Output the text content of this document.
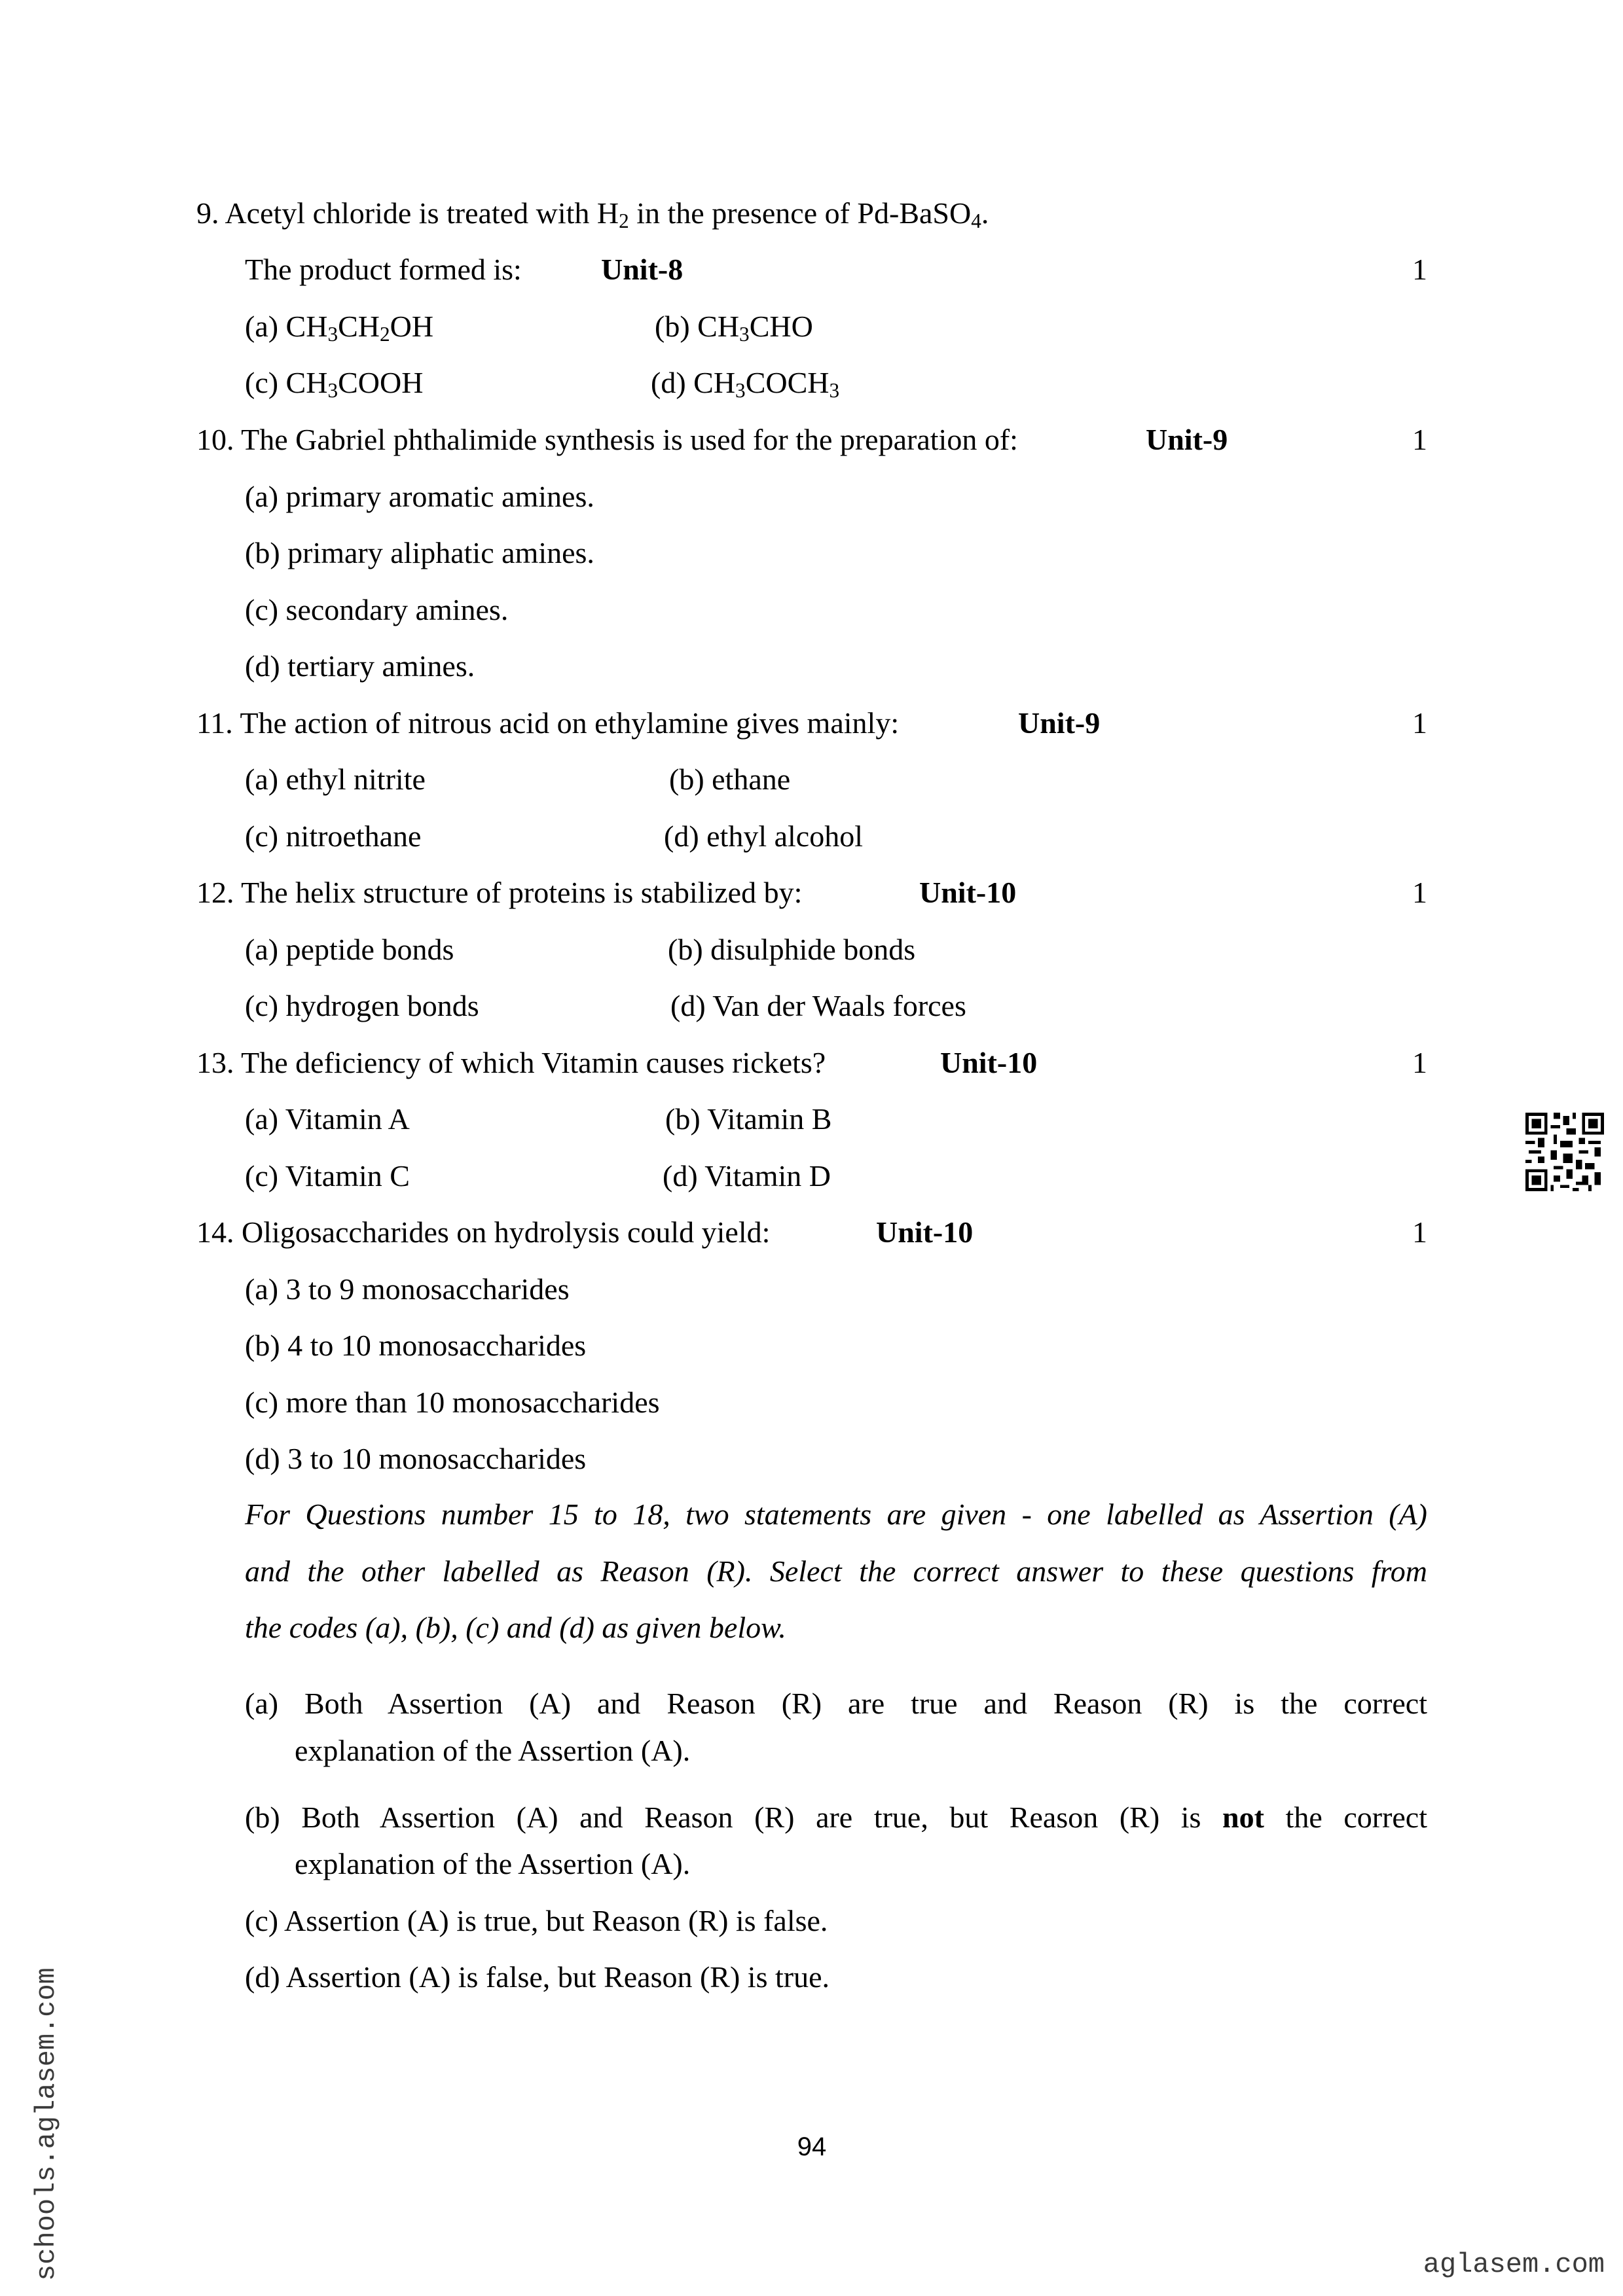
9. Acetyl chloride is treated with $H_2$ in the presence of Pd-BaSO$_4$.
The product formed is:	Unit-8	1
(a) $CH_3CH_2OH$	(b) $CH_3CHO$
(c) $CH_3COOH$	(d) $CH_3COCH_3$
10. The Gabriel phthalimide synthesis is used for the preparation of:	Unit-9	1
(a) primary aromatic amines.
(b) primary aliphatic amines.
(c) secondary amines.
(d) tertiary amines.
11. The action of nitrous acid on ethylamine gives mainly:	Unit-9	1
(a) ethyl nitrite	(b) ethane
(c) nitroethane	(d) ethyl alcohol
12. The helix structure of proteins is stabilized by:	Unit-10	1
(a) peptide bonds	(b) disulphide bonds
(c) hydrogen bonds	(d) Van der Waals forces
13. The deficiency of which Vitamin causes rickets?	Unit-10	1
(a) Vitamin A	(b) Vitamin B
(c) Vitamin C	(d) Vitamin D
14. Oligosaccharides on hydrolysis could yield:	Unit-10	1
(a) 3 to 9 monosaccharides
(b) 4 to 10 monosaccharides
(c) more than 10 monosaccharides
(d) 3 to 10 monosaccharides
For Questions number 15 to 18, two statements are given - one labelled as Assertion (A)
and the other labelled as Reason (R). Select the correct answer to these questions from
the codes (a), (b), (c) and (d) as given below.
(a) Both Assertion (A) and Reason (R) are true and Reason (R) is the correct
explanation of the Assertion (A).
(b) Both Assertion (A) and Reason (R) are true, but Reason (R) is not the correct
explanation of the Assertion (A).
(c) Assertion (A) is true, but Reason (R) is false.
(d) Assertion (A) is false, but Reason (R) is true.
94
schools.aglasem.com	aglasem.com
